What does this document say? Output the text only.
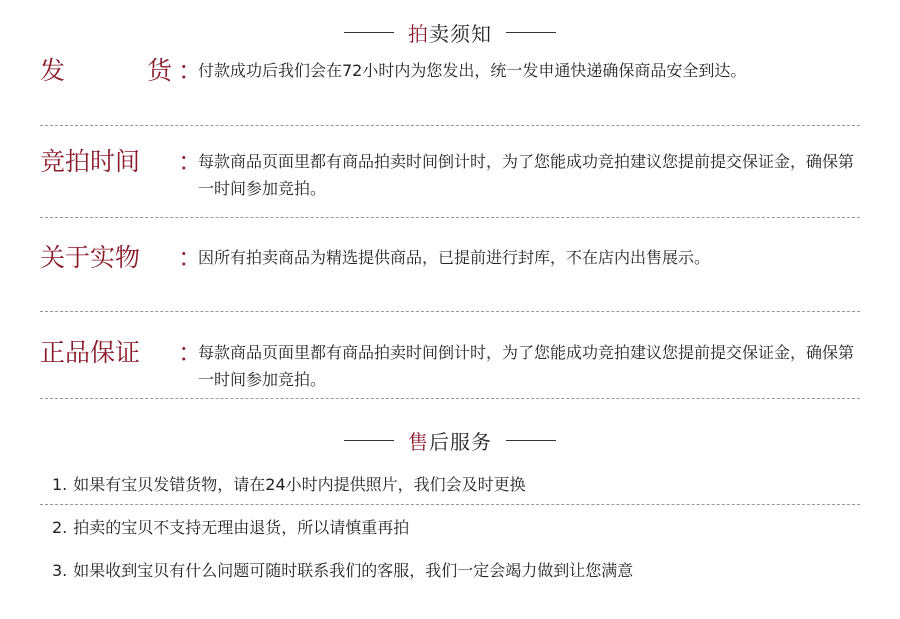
拍卖须知
发	货 ：
付款成功后我们会在72小时内为您发出，统一发申通快递确保商品安全到达。
竞拍时间 ：
每款商品页面里都有商品拍卖时间倒计时，为了您能成功竞拍建议您提前提交保证金，确保第一时间参加竞拍。
关于实物 ：
因所有拍卖商品为精选提供商品，已提前进行封库，不在店内出售展示。
正品保证 ：
每款商品页面里都有商品拍卖时间倒计时，为了您能成功竞拍建议您提前提交保证金，确保第一时间参加竞拍。
售后服务
1. 如果有宝贝发错货物，请在24小时内提供照片，我们会及时更换
2. 拍卖的宝贝不支持无理由退货，所以请慎重再拍
3. 如果收到宝贝有什么问题可随时联系我们的客服，我们一定会竭力做到让您满意
